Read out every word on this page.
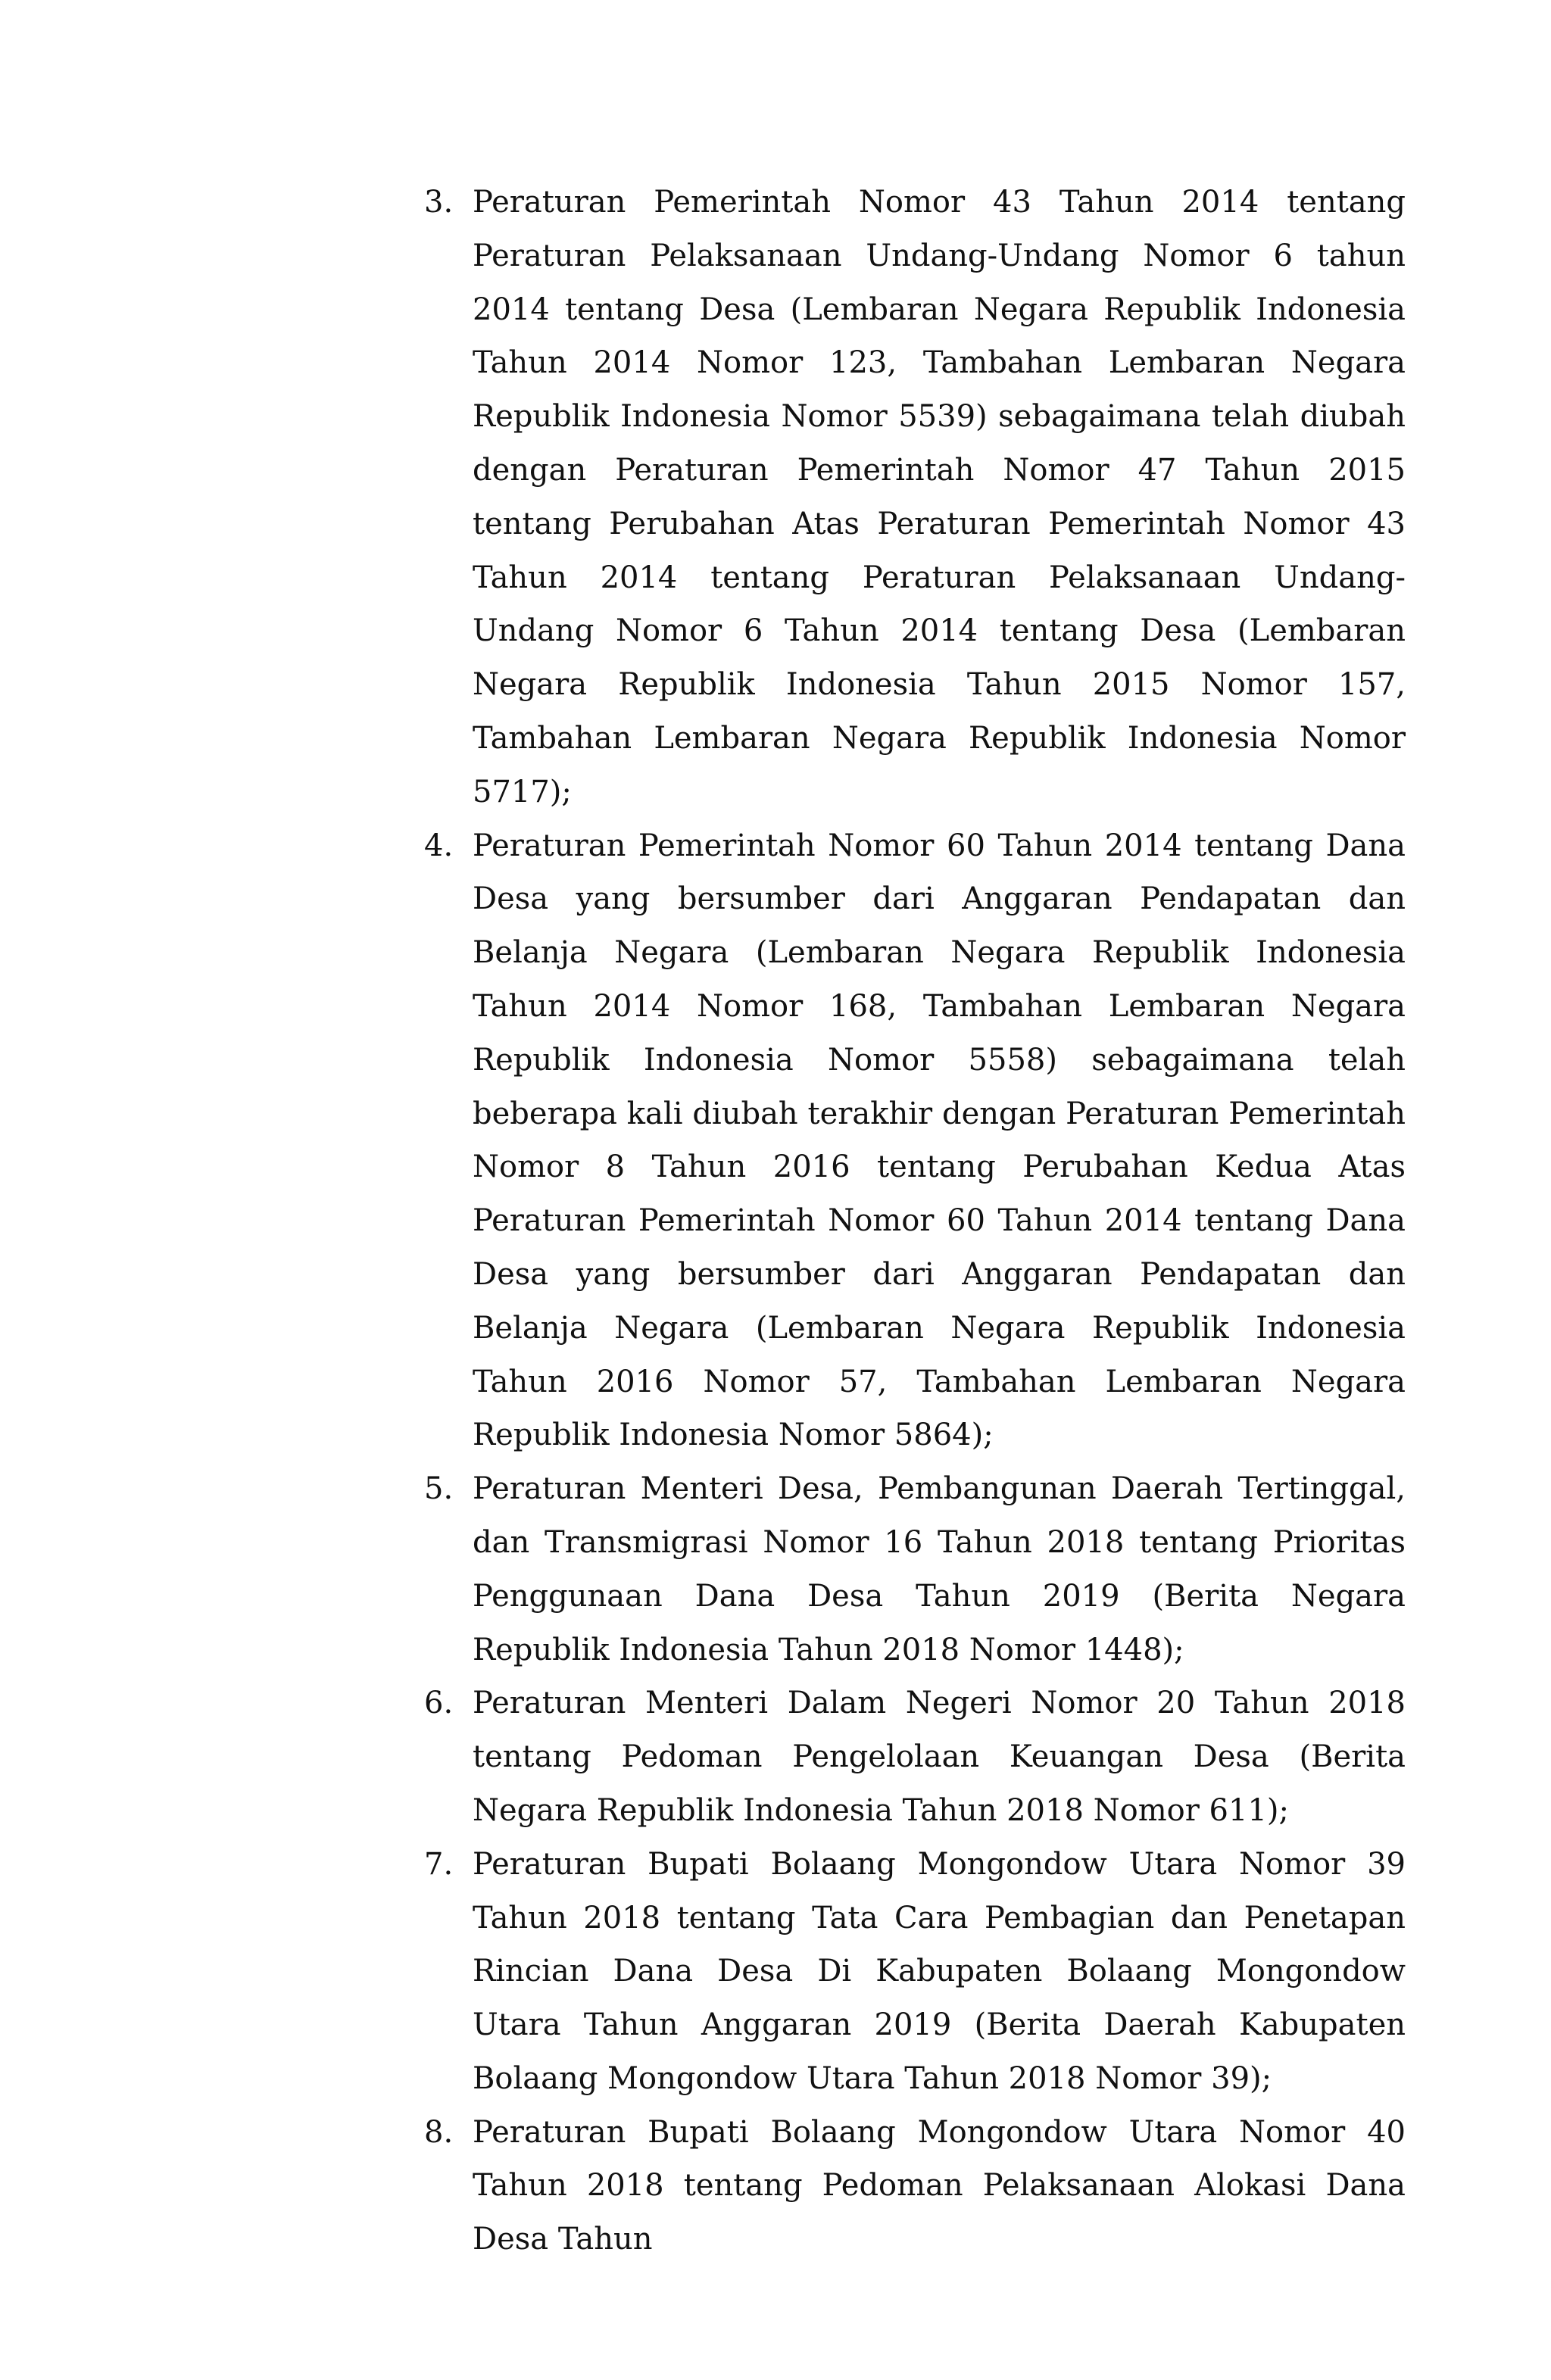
3. Peraturan Pemerintah Nomor 43 Tahun 2014 tentang Peraturan Pelaksanaan Undang-Undang Nomor 6 tahun 2014 tentang Desa (Lembaran Negara Republik Indonesia Tahun 2014 Nomor 123, Tambahan Lembaran Negara Republik Indonesia Nomor 5539) sebagaimana telah diubah dengan Peraturan Pemerintah Nomor 47 Tahun 2015 tentang Perubahan Atas Peraturan Pemerintah Nomor 43 Tahun 2014 tentang Peraturan Pelaksanaan Undang-Undang Nomor 6 Tahun 2014 tentang Desa (Lembaran Negara Republik Indonesia Tahun 2015 Nomor 157, Tambahan Lembaran Negara Republik Indonesia Nomor 5717);
4. Peraturan Pemerintah Nomor 60 Tahun 2014 tentang Dana Desa yang bersumber dari Anggaran Pendapatan dan Belanja Negara (Lembaran Negara Republik Indonesia Tahun 2014 Nomor 168, Tambahan Lembaran Negara Republik Indonesia Nomor 5558) sebagaimana telah beberapa kali diubah terakhir dengan Peraturan Pemerintah Nomor 8 Tahun 2016 tentang Perubahan Kedua Atas Peraturan Pemerintah Nomor 60 Tahun 2014 tentang Dana Desa yang bersumber dari Anggaran Pendapatan dan Belanja Negara (Lembaran Negara Republik Indonesia Tahun 2016 Nomor 57, Tambahan Lembaran Negara Republik Indonesia Nomor 5864);
5. Peraturan Menteri Desa, Pembangunan Daerah Tertinggal, dan Transmigrasi Nomor 16 Tahun 2018 tentang Prioritas Penggunaan Dana Desa Tahun 2019 (Berita Negara Republik Indonesia Tahun 2018 Nomor 1448);
6. Peraturan Menteri Dalam Negeri Nomor 20 Tahun 2018 tentang Pedoman Pengelolaan Keuangan Desa (Berita Negara Republik Indonesia Tahun 2018 Nomor 611);
7. Peraturan Bupati Bolaang Mongondow Utara Nomor 39 Tahun 2018 tentang Tata Cara Pembagian dan Penetapan Rincian Dana Desa Di Kabupaten Bolaang Mongondow Utara Tahun Anggaran 2019 (Berita Daerah Kabupaten Bolaang Mongondow Utara Tahun 2018 Nomor 39);
8. Peraturan Bupati Bolaang Mongondow Utara Nomor 40 Tahun 2018 tentang Pedoman Pelaksanaan Alokasi Dana Desa Tahun
